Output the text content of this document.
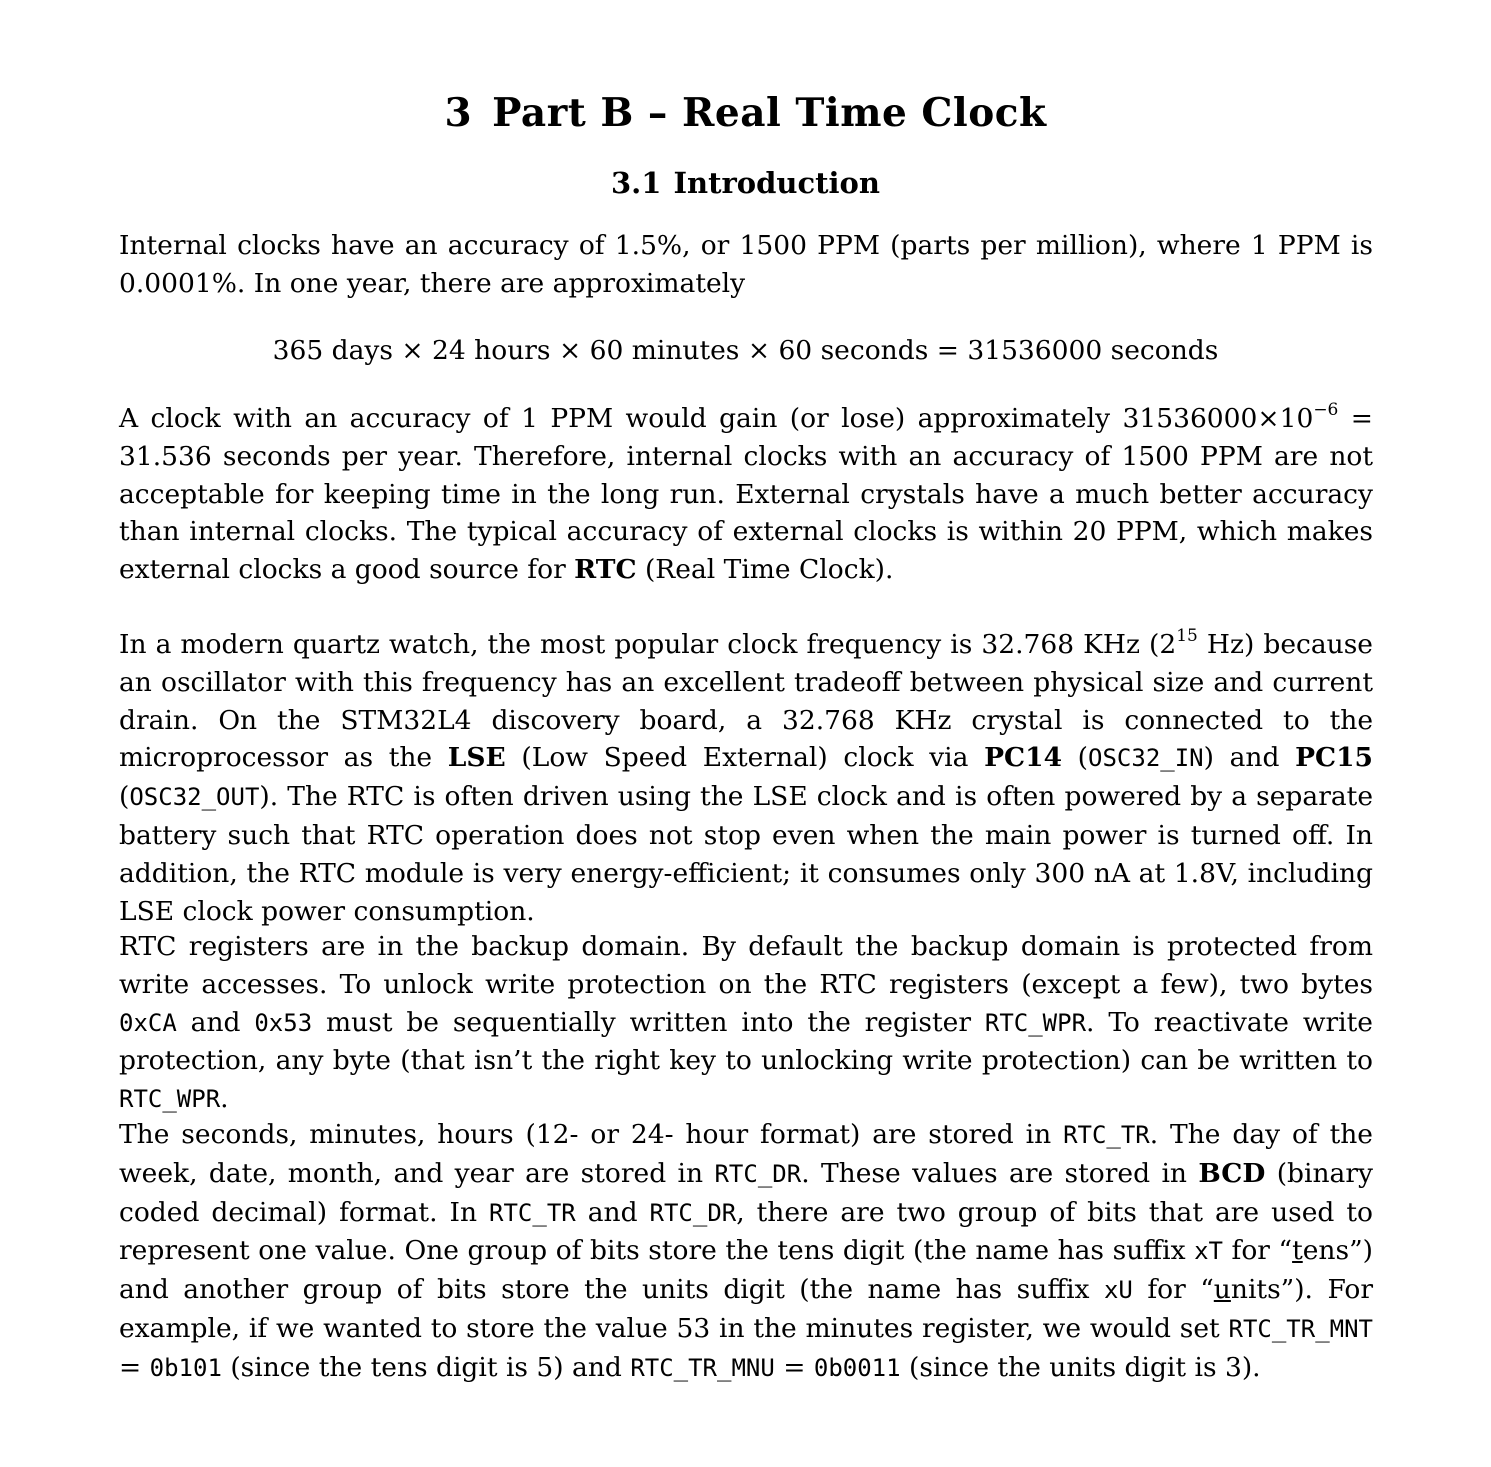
3 Part B – Real Time Clock
3.1 Introduction

Internal clocks have an accuracy of 1.5%, or 1500 PPM (parts per million), where 1 PPM is 0.0001%. In one year, there are approximately

365 days × 24 hours × 60 minutes × 60 seconds = 31536000 seconds

A clock with an accuracy of 1 PPM would gain (or lose) approximately $31536000\times 10^{-6} = 31.536$ seconds per year. Therefore, internal clocks with an accuracy of 1500 PPM are not acceptable for keeping time in the long run. External crystals have a much better accuracy than internal clocks. The typical accuracy of external clocks is within 20 PPM, which makes external clocks a good source for RTC (Real Time Clock).

In a modern quartz watch, the most popular clock frequency is 32.768 KHz ($2^{15}$ Hz) because an oscillator with this frequency has an excellent tradeoff between physical size and current drain. On the STM32L4 discovery board, a 32.768 KHz crystal is connected to the microprocessor as the LSE (Low Speed External) clock via PC14 (OSC32_IN) and PC15 (OSC32_OUT). The RTC is often driven using the LSE clock and is often powered by a separate battery such that RTC operation does not stop even when the main power is turned off. In addition, the RTC module is very energy-efficient; it consumes only 300 nA at 1.8V, including LSE clock power consumption.

RTC registers are in the backup domain. By default the backup domain is protected from write accesses. To unlock write protection on the RTC registers (except a few), two bytes 0xCA and 0x53 must be sequentially written into the register RTC_WPR. To reactivate write protection, any byte (that isn’t the right key to unlocking write protection) can be written to RTC_WPR.

The seconds, minutes, hours (12- or 24- hour format) are stored in RTC_TR. The day of the week, date, month, and year are stored in RTC_DR. These values are stored in BCD (binary coded decimal) format. In RTC_TR and RTC_DR, there are two group of bits that are used to represent one value. One group of bits store the tens digit (the name has suffix xT for “tens”) and another group of bits store the units digit (the name has suffix xU for “units”). For example, if we wanted to store the value 53 in the minutes register, we would set RTC_TR_MNT = 0b101 (since the tens digit is 5) and RTC_TR_MNU = 0b0011 (since the units digit is 3).
